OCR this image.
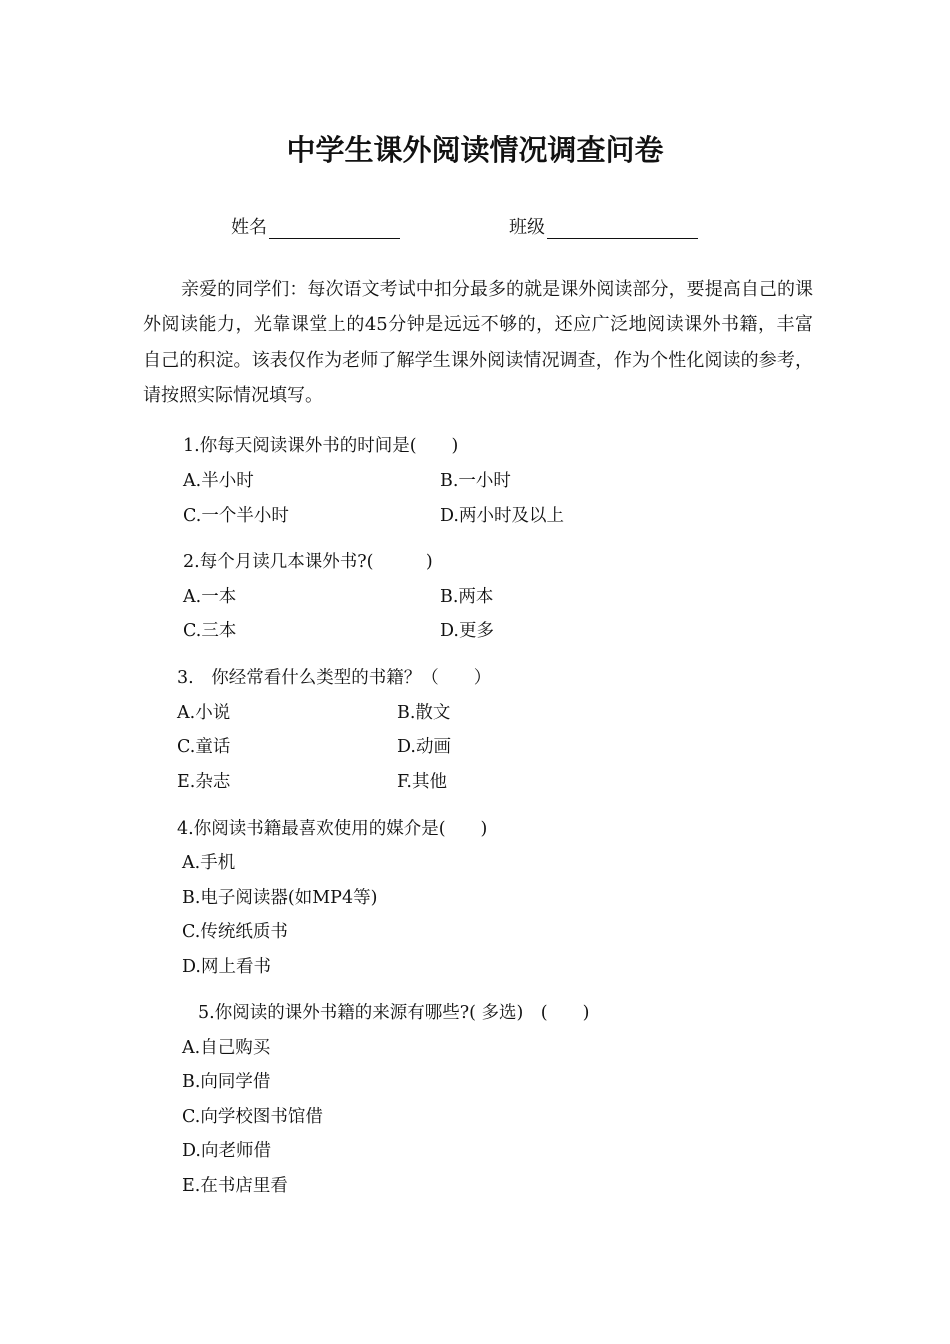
中学生课外阅读情况调查问卷
姓名	班级
亲爱的同学们：每次语文考试中扣分最多的就是课外阅读部分，要提高自己的课外阅读能力，光靠课堂上的45分钟是远远不够的，还应广泛地阅读课外书籍，丰富自己的积淀。该表仅作为老师了解学生课外阅读情况调查，作为个性化阅读的参考，请按照实际情况填写。
1.你每天阅读课外书的时间是(　　)
A.半小时	B.一小时
C.一个半小时	D.两小时及以上
2.每个月读几本课外书?(　　　)
A.一本	B.两本
C.三本	D.更多
3.　你经常看什么类型的书籍？（　　）
A.小说	B.散文
C.童话	D.动画
E.杂志	F.其他
4.你阅读书籍最喜欢使用的媒介是(　　)
A.手机
B.电子阅读器(如MP4等)
C.传统纸质书
D.网上看书
5.你阅读的课外书籍的来源有哪些?( 多选)　(　　)
A.自己购买
B.向同学借
C.向学校图书馆借
D.向老师借
E.在书店里看
